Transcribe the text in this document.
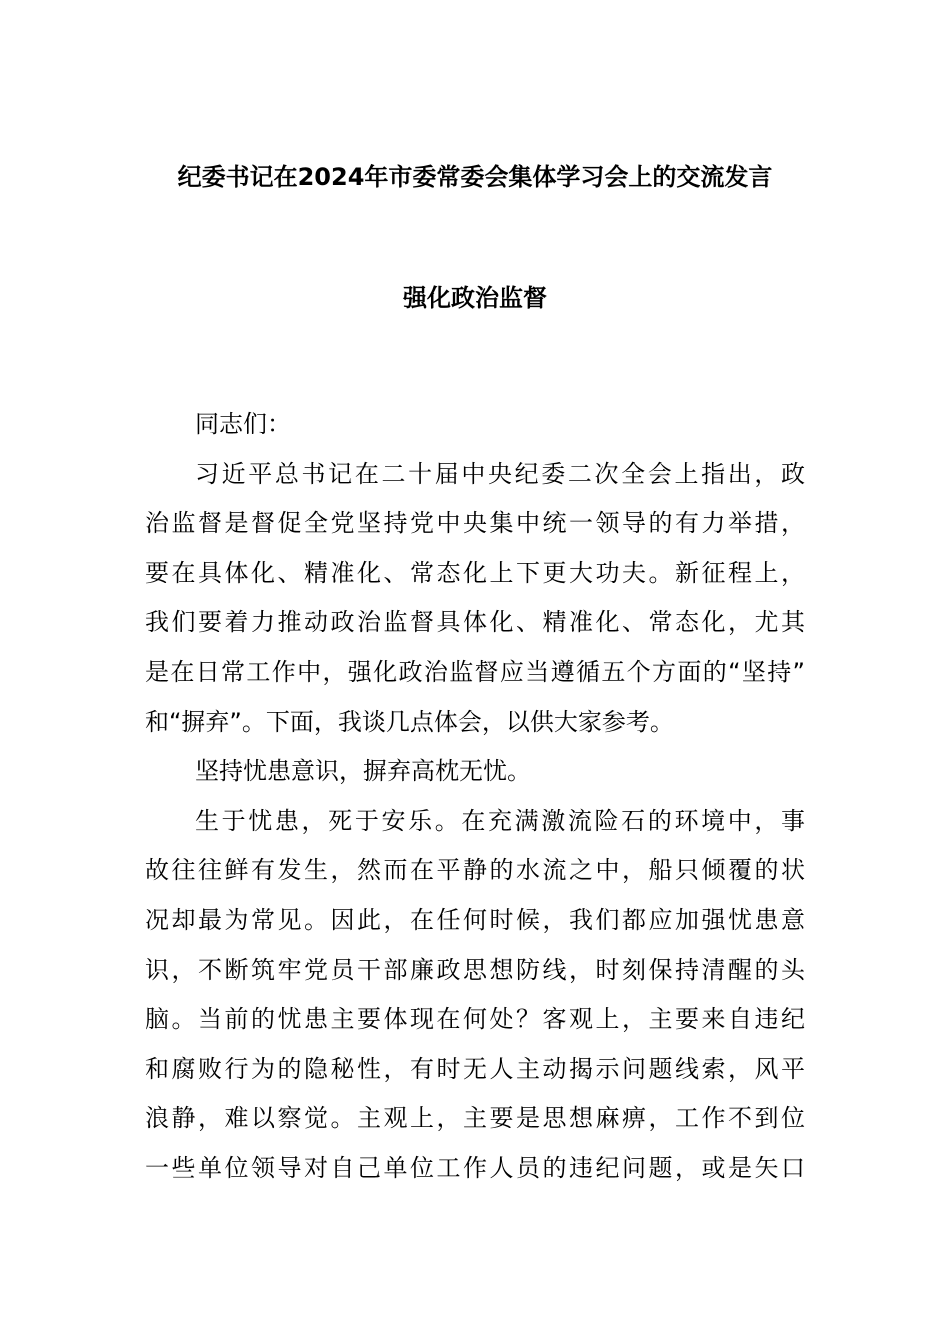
纪委书记在2024年市委常委会集体学习会上的交流发言
强化政治监督
同志们：
习近平总书记在二十届中央纪委二次全会上指出，政
治监督是督促全党坚持党中央集中统一领导的有力举措，
要在具体化、精准化、常态化上下更大功夫。新征程上，
我们要着力推动政治监督具体化、精准化、常态化，尤其
是在日常工作中，强化政治监督应当遵循五个方面的“坚持”
和“摒弃”。下面，我谈几点体会，以供大家参考。
坚持忧患意识，摒弃高枕无忧。
生于忧患，死于安乐。在充满激流险石的环境中，事
故往往鲜有发生，然而在平静的水流之中，船只倾覆的状
况却最为常见。因此，在任何时候，我们都应加强忧患意
识，不断筑牢党员干部廉政思想防线，时刻保持清醒的头
脑。当前的忧患主要体现在何处？客观上，主要来自违纪
和腐败行为的隐秘性，有时无人主动揭示问题线索，风平
浪静，难以察觉。主观上，主要是思想麻痹，工作不到位
一些单位领导对自己单位工作人员的违纪问题，或是矢口
